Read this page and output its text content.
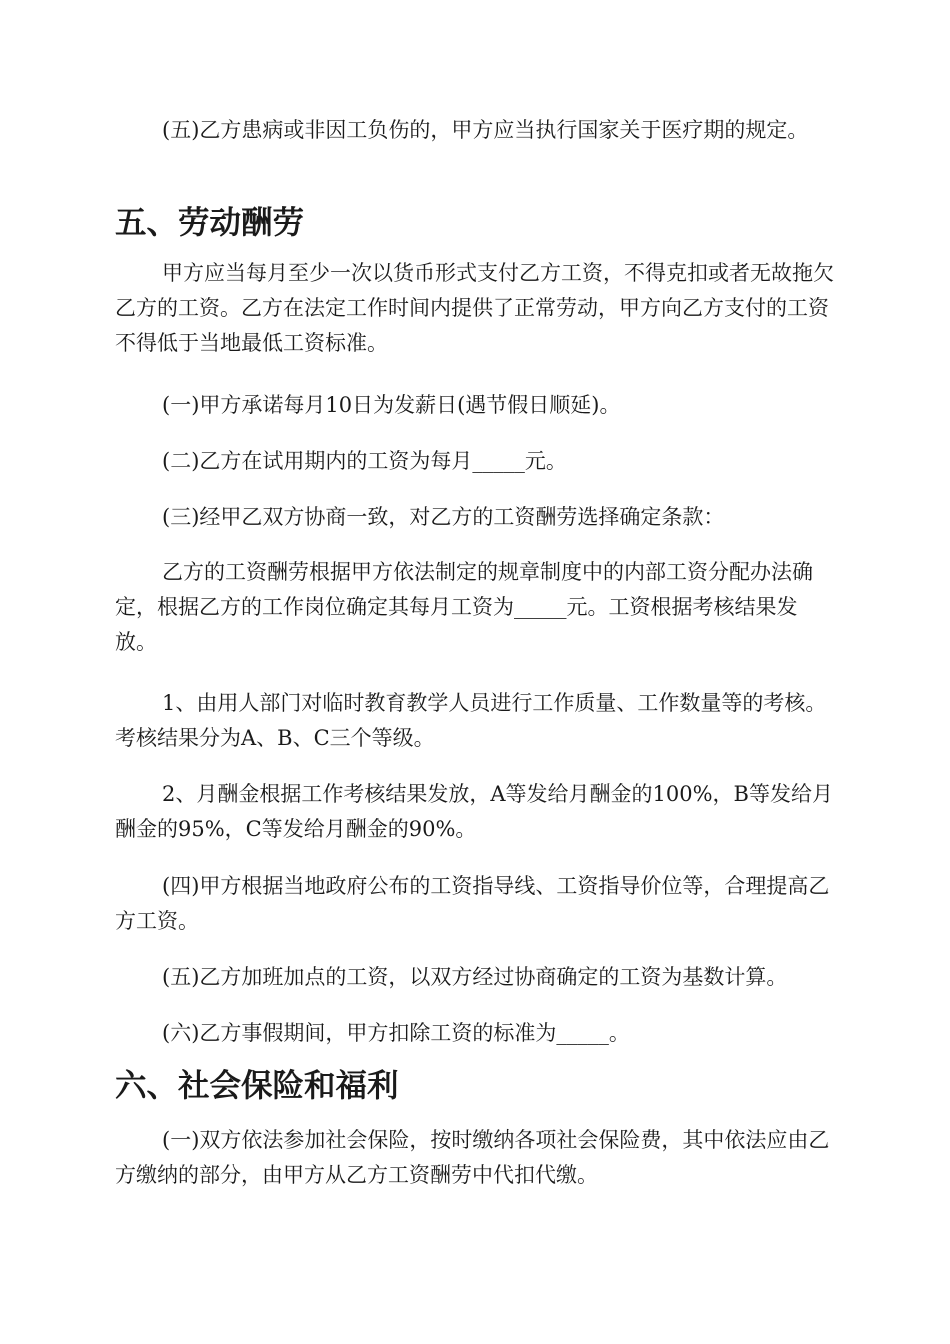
(五)乙方患病或非因工负伤的，甲方应当执行国家关于医疗期的规定。

五、劳动酬劳

甲方应当每月至少一次以货币形式支付乙方工资，不得克扣或者无故拖欠乙方的工资。乙方在法定工作时间内提供了正常劳动，甲方向乙方支付的工资不得低于当地最低工资标准。

(一)甲方承诺每月10日为发薪日(遇节假日顺延)。

(二)乙方在试用期内的工资为每月_____元。

(三)经甲乙双方协商一致，对乙方的工资酬劳选择确定条款：

乙方的工资酬劳根据甲方依法制定的规章制度中的内部工资分配办法确定，根据乙方的工作岗位确定其每月工资为_____元。工资根据考核结果发放。

1、由用人部门对临时教育教学人员进行工作质量、工作数量等的考核。考核结果分为A、B、C三个等级。

2、月酬金根据工作考核结果发放，A等发给月酬金的100%，B等发给月酬金的95%，C等发给月酬金的90%。

(四)甲方根据当地政府公布的工资指导线、工资指导价位等，合理提高乙方工资。

(五)乙方加班加点的工资，以双方经过协商确定的工资为基数计算。

(六)乙方事假期间，甲方扣除工资的标准为_____。

六、社会保险和福利

(一)双方依法参加社会保险，按时缴纳各项社会保险费，其中依法应由乙方缴纳的部分，由甲方从乙方工资酬劳中代扣代缴。
